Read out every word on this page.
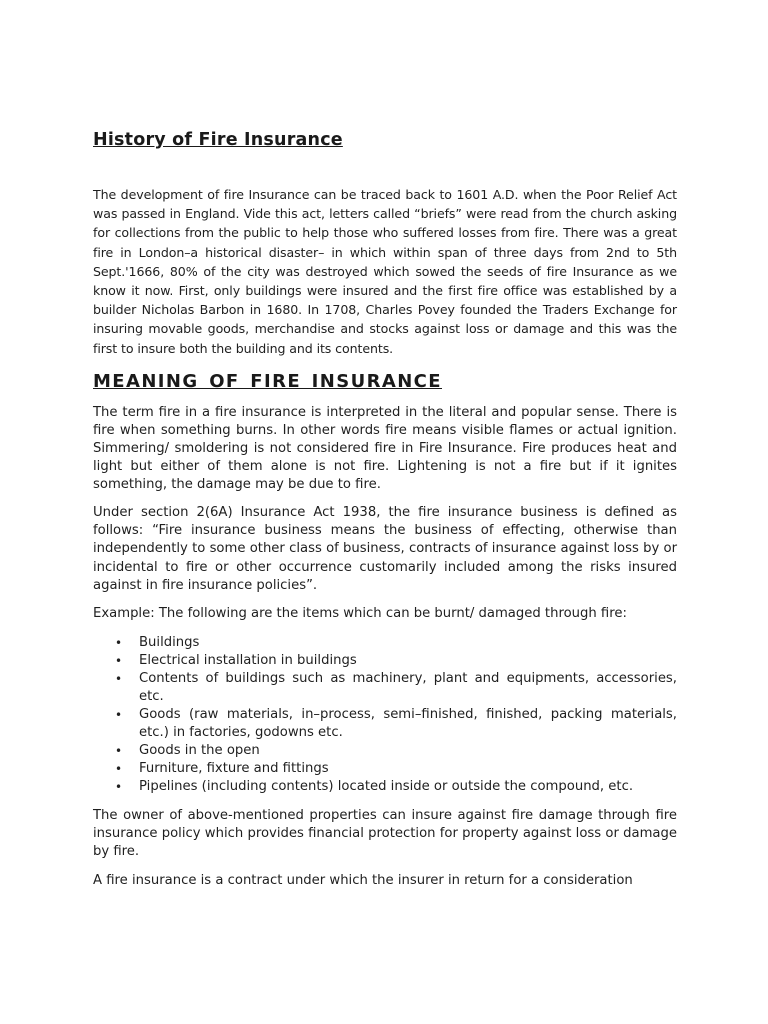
History of Fire Insurance

The development of fire Insurance can be traced back to 1601 A.D. when the Poor Relief Act was passed in England. Vide this act, letters called “briefs” were read from the church asking for collections from the public to help those who suffered losses from fire. There was a great fire in London–a historical disaster– in which within span of three days from 2nd to 5th Sept.'1666, 80% of the city was destroyed which sowed the seeds of fire Insurance as we know it now. First, only buildings were insured and the first fire office was established by a builder Nicholas Barbon in 1680. In 1708, Charles Povey founded the Traders Exchange for insuring movable goods, merchandise and stocks against loss or damage and this was the first to insure both the building and its contents.

MEANING OF FIRE INSURANCE

The term fire in a fire insurance is interpreted in the literal and popular sense. There is fire when something burns. In other words fire means visible flames or actual ignition. Simmering/ smoldering is not considered fire in Fire Insurance. Fire produces heat and light but either of them alone is not fire. Lightening is not a fire but if it ignites something, the damage may be due to fire.

Under section 2(6A) Insurance Act 1938, the fire insurance business is defined as follows: “Fire insurance business means the business of effecting, otherwise than independently to some other class of business, contracts of insurance against loss by or incidental to fire or other occurrence customarily included among the risks insured against in fire insurance policies”.

Example: The following are the items which can be burnt/ damaged through fire:

• Buildings
• Electrical installation in buildings
• Contents of buildings such as machinery, plant and equipments, accessories, etc.
• Goods (raw materials, in–process, semi–finished, finished, packing materials, etc.) in factories, godowns etc.
• Goods in the open
• Furniture, fixture and fittings
• Pipelines (including contents) located inside or outside the compound, etc.

The owner of above-mentioned properties can insure against fire damage through fire insurance policy which provides financial protection for property against loss or damage by fire.

A fire insurance is a contract under which the insurer in return for a consideration
